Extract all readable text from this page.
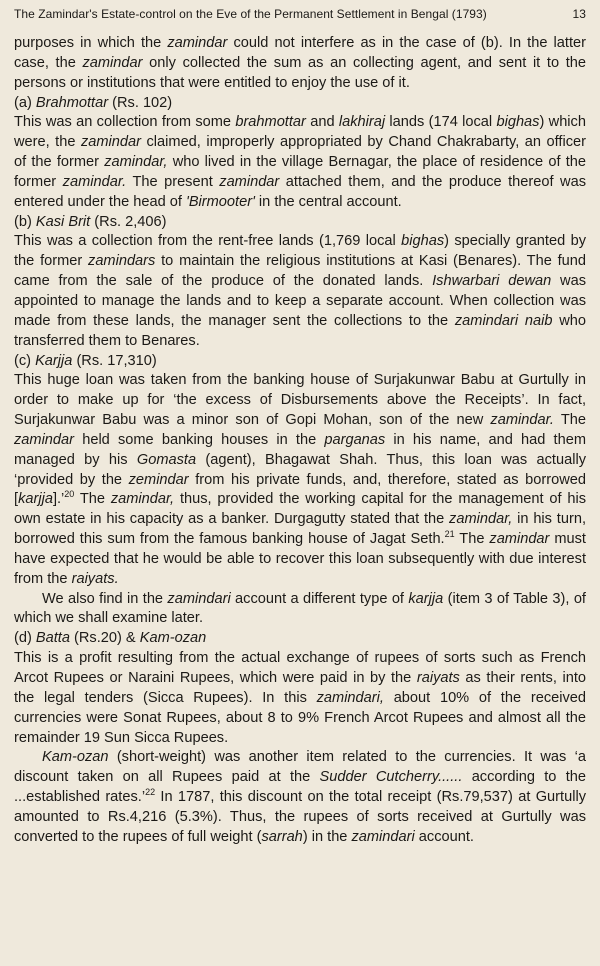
The Zamindar's Estate-control on the Eve of the Permanent Settlement in Bengal (1793)	13

purposes in which the zamindar could not interfere as in the case of (b). In the latter case, the zamindar only collected the sum as an collecting agent, and sent it to the persons or institutions that were entitled to enjoy the use of it.

(a) Brahmottar (Rs. 102)

This was an collection from some brahmottar and lakhiraj lands (174 local bighas) which were, the zamindar claimed, improperly appropriated by Chand Chakrabarty, an officer of the former zamindar, who lived in the village Bernagar, the place of residence of the former zamindar. The present zamindar attached them, and the produce thereof was entered under the head of 'Birmooter' in the central account.

(b) Kasi Brit (Rs. 2,406)

This was a collection from the rent-free lands (1,769 local bighas) specially granted by the former zamindars to maintain the religious institutions at Kasi (Benares). The fund came from the sale of the produce of the donated lands. Ishwarbari dewan was appointed to manage the lands and to keep a separate account. When collection was made from these lands, the manager sent the collections to the zamindari naib who transferred them to Benares.

(c) Karjja (Rs. 17,310)

This huge loan was taken from the banking house of Surjakunwar Babu at Gurtully in order to make up for ‘the excess of Disbursements above the Receipts’. In fact, Surjakunwar Babu was a minor son of Gopi Mohan, son of the new zamindar. The zamindar held some banking houses in the parganas in his name, and had them managed by his Gomasta (agent), Bhagawat Shah. Thus, this loan was actually ‘provided by the zemindar from his private funds, and, therefore, stated as borrowed [karjja].’$^{20}$ The zamindar, thus, provided the working capital for the management of his own estate in his capacity as a banker. Durgagutty stated that the zamindar, in his turn, borrowed this sum from the famous banking house of Jagat Seth.$^{21}$ The zamindar must have expected that he would be able to recover this loan subsequently with due interest from the raiyats.

We also find in the zamindari account a different type of karjja (item 3 of Table 3), of which we shall examine later.

(d) Batta (Rs.20) & Kam-ozan

This is a profit resulting from the actual exchange of rupees of sorts such as French Arcot Rupees or Naraini Rupees, which were paid in by the raiyats as their rents, into the legal tenders (Sicca Rupees). In this zamindari, about 10% of the received currencies were Sonat Rupees, about 8 to 9% French Arcot Rupees and almost all the remainder 19 Sun Sicca Rupees.

Kam-ozan (short-weight) was another item related to the currencies. It was ‘a discount taken on all Rupees paid at the Sudder Cutcherry...... according to the ...established rates.’$^{22}$ In 1787, this discount on the total receipt (Rs.79,537) at Gurtully amounted to Rs.4,216 (5.3%). Thus, the rupees of sorts received at Gurtully was converted to the rupees of full weight (sarrah) in the zamindari account.
